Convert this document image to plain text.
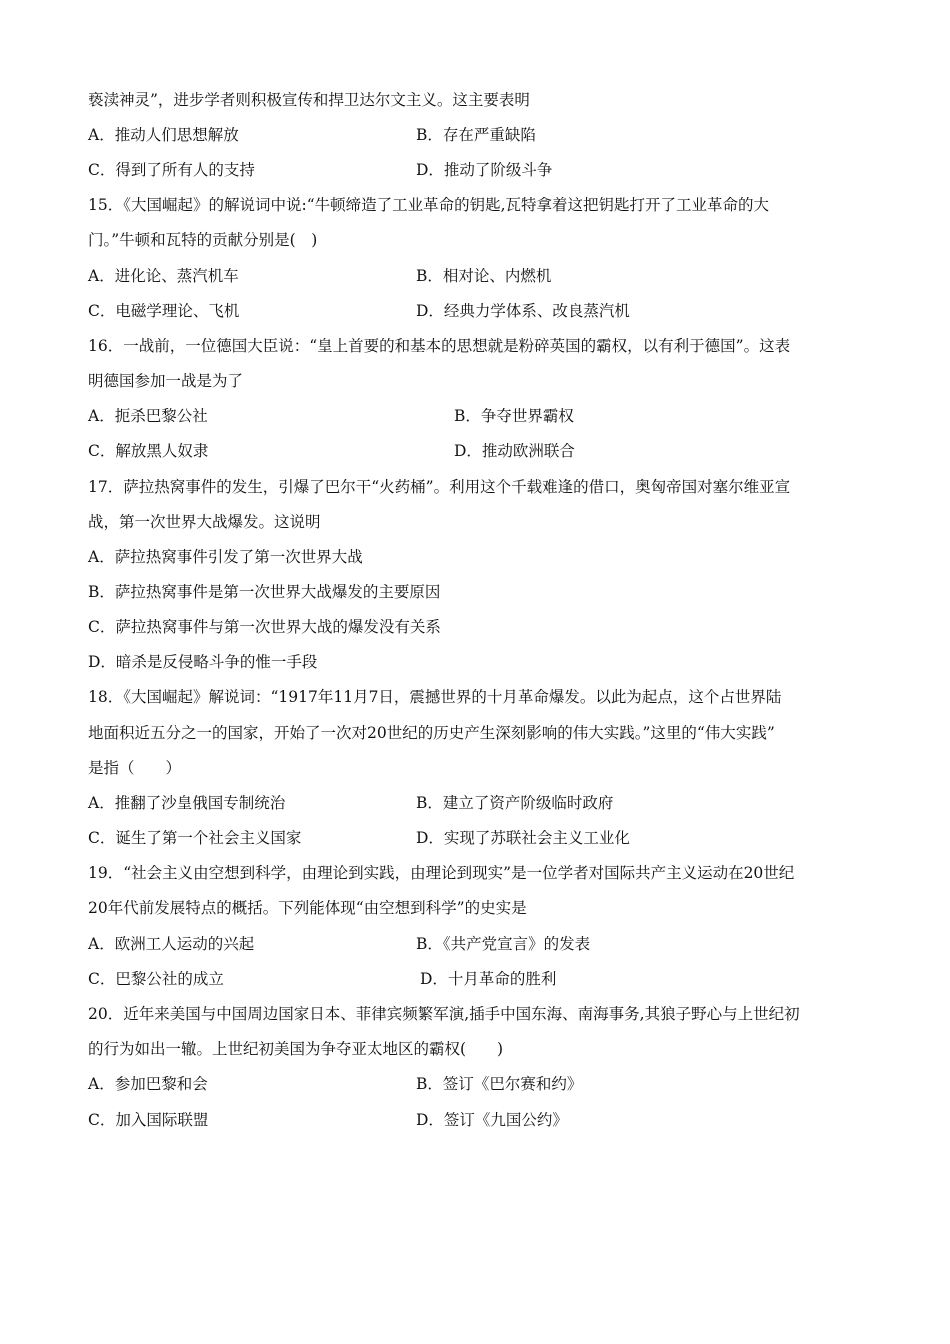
亵渎神灵”，进步学者则积极宣传和捍卫达尔文主义。这主要表明
A．推动人们思想解放	B．存在严重缺陷
C．得到了所有人的支持	D．推动了阶级斗争
15．《大国崛起》的解说词中说:“牛顿缔造了工业革命的钥匙,瓦特拿着这把钥匙打开了工业革命的大
门。”牛顿和瓦特的贡献分别是(　)
A．进化论、蒸汽机车	B．相对论、内燃机
C．电磁学理论、飞机	D．经典力学体系、改良蒸汽机
16．一战前，一位德国大臣说：“皇上首要的和基本的思想就是粉碎英国的霸权，以有利于德国”。这表
明德国参加一战是为了
A．扼杀巴黎公社	B．争夺世界霸权
C．解放黑人奴隶	D．推动欧洲联合
17．萨拉热窝事件的发生，引爆了巴尔干“火药桶”。利用这个千载难逢的借口，奥匈帝国对塞尔维亚宣
战，第一次世界大战爆发。这说明
A．萨拉热窝事件引发了第一次世界大战
B．萨拉热窝事件是第一次世界大战爆发的主要原因
C．萨拉热窝事件与第一次世界大战的爆发没有关系
D．暗杀是反侵略斗争的惟一手段
18．《大国崛起》解说词：“1917年11月7日，震撼世界的十月革命爆发。以此为起点，这个占世界陆
地面积近五分之一的国家，开始了一次对20世纪的历史产生深刻影响的伟大实践。”这里的“伟大实践”
是指（　　）
A．推翻了沙皇俄国专制统治	B．建立了资产阶级临时政府
C．诞生了第一个社会主义国家	D．实现了苏联社会主义工业化
19．“社会主义由空想到科学，由理论到实践，由理论到现实”是一位学者对国际共产主义运动在20世纪
20年代前发展特点的概括。下列能体现“由空想到科学”的史实是
A．欧洲工人运动的兴起	B．《共产党宣言》的发表
C．巴黎公社的成立	D．十月革命的胜利
20．近年来美国与中国周边国家日本、菲律宾频繁军演,插手中国东海、南海事务,其狼子野心与上世纪初
的行为如出一辙。上世纪初美国为争夺亚太地区的霸权(　　)
A．参加巴黎和会	B．签订《巴尔赛和约》
C．加入国际联盟	D．签订《九国公约》
